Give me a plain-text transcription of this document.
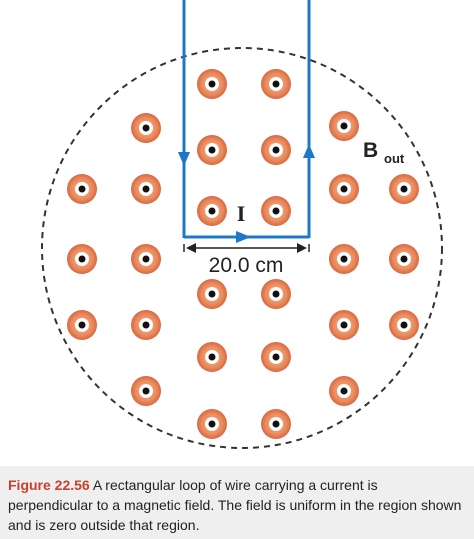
I
20.0 cm
B $_{out}$
Figure 22.56 A rectangular loop of wire carrying a current is perpendicular to a magnetic field. The field is uniform in the region shown and is zero outside that region.
